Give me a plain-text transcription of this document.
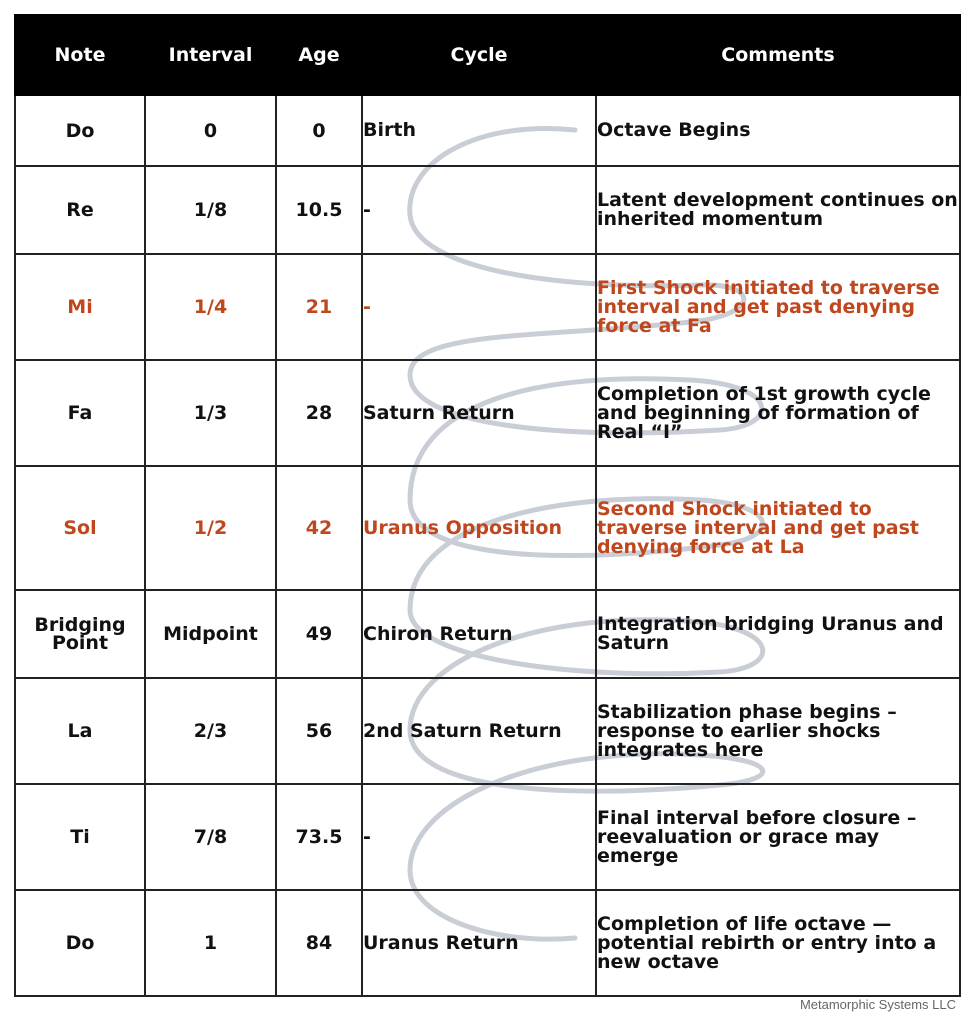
Note	Interval	Age	Cycle	Comments
Do	0	0	Birth	Octave Begins
Re	1/8	10.5	-	Latent development continues on inherited momentum
Mi	1/4	21	-	First Shock initiated to traverse interval and get past denying force at Fa
Fa	1/3	28	Saturn Return	Completion of 1st growth cycle and beginning of formation of Real “I”
Sol	1/2	42	Uranus Opposition	Second Shock initiated to traverse interval and get past denying force at La
Bridging Point	Midpoint	49	Chiron Return	Integration bridging Uranus and Saturn
La	2/3	56	2nd Saturn Return	Stabilization phase begins – response to earlier shocks integrates here
Ti	7/8	73.5	-	Final interval before closure – reevaluation or grace may emerge
Do	1	84	Uranus Return	Completion of life octave — potential rebirth or entry into a new octave
Metamorphic Systems LLC
